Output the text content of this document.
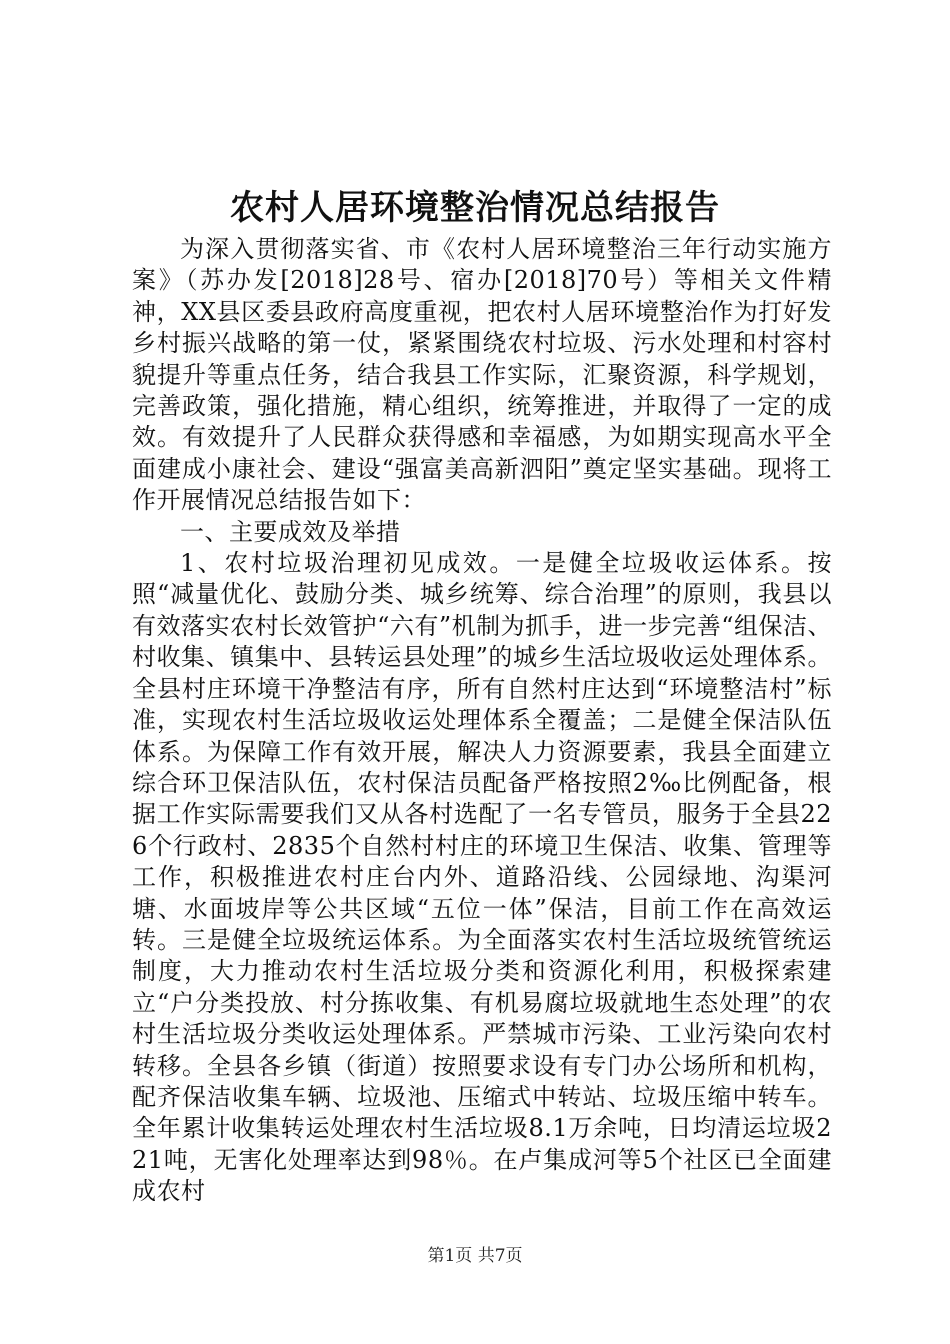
农村人居环境整治情况总结报告

为深入贯彻落实省、市《农村人居环境整治三年行动实施方案》（苏办发[2018]28号、宿办[2018]70号）等相关文件精神，XX县区委县政府高度重视，把农村人居环境整治作为打好发乡村振兴战略的第一仗，紧紧围绕农村垃圾、污水处理和村容村貌提升等重点任务，结合我县工作实际，汇聚资源，科学规划，完善政策，强化措施，精心组织，统筹推进，并取得了一定的成效。有效提升了人民群众获得感和幸福感，为如期实现高水平全面建成小康社会、建设“强富美高新泗阳”奠定坚实基础。现将工作开展情况总结报告如下：

一、主要成效及举措

1、农村垃圾治理初见成效。一是健全垃圾收运体系。按照“减量优化、鼓励分类、城乡统筹、综合治理”的原则，我县以有效落实农村长效管护“六有”机制为抓手，进一步完善“组保洁、村收集、镇集中、县转运县处理”的城乡生活垃圾收运处理体系。全县村庄环境干净整洁有序，所有自然村庄达到“环境整洁村”标准，实现农村生活垃圾收运处理体系全覆盖；二是健全保洁队伍体系。为保障工作有效开展，解决人力资源要素，我县全面建立综合环卫保洁队伍，农村保洁员配备严格按照2‰比例配备，根据工作实际需要我们又从各村选配了一名专管员，服务于全县226个行政村、2835个自然村村庄的环境卫生保洁、收集、管理等工作，积极推进农村庄台内外、道路沿线、公园绿地、沟渠河塘、水面坡岸等公共区域“五位一体”保洁，目前工作在高效运转。三是健全垃圾统运体系。为全面落实农村生活垃圾统管统运制度，大力推动农村生活垃圾分类和资源化利用，积极探索建立“户分类投放、村分拣收集、有机易腐垃圾就地生态处理”的农村生活垃圾分类收运处理体系。严禁城市污染、工业污染向农村转移。全县各乡镇（街道）按照要求设有专门办公场所和机构，配齐保洁收集车辆、垃圾池、压缩式中转站、垃圾压缩中转车。全年累计收集转运处理农村生活垃圾8.1万余吨，日均清运垃圾221吨，无害化处理率达到98％。在卢集成河等5个社区已全面建成农村

第1页 共7页
